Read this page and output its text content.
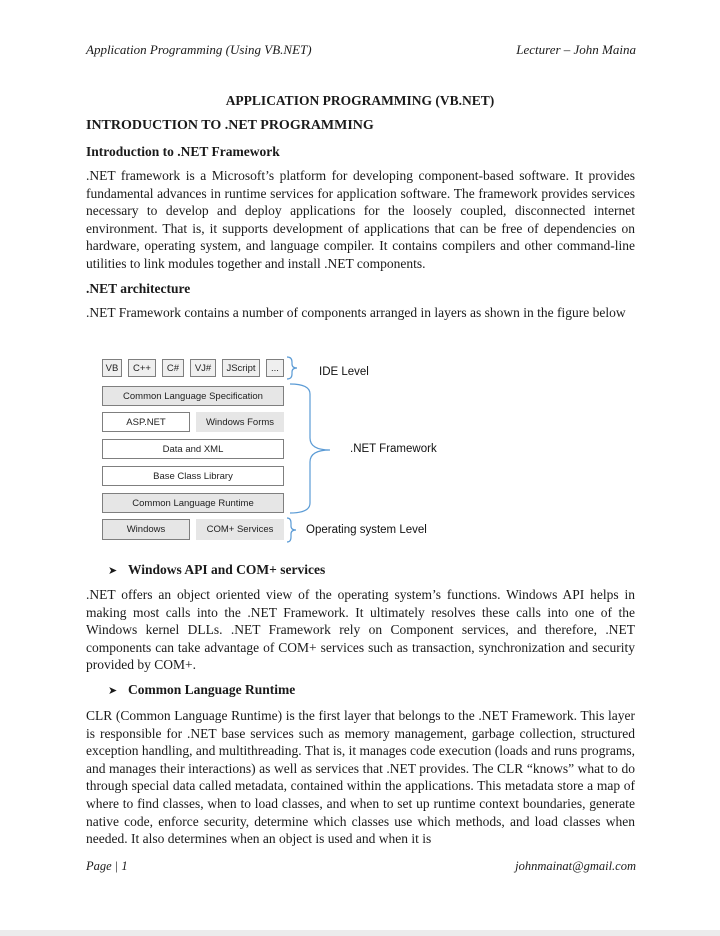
Application Programming (Using VB.NET)	Lecturer – John Maina
APPLICATION PROGRAMMING (VB.NET)
INTRODUCTION TO .NET PROGRAMMING
Introduction to .NET Framework

.NET framework is a Microsoft’s platform for developing component-based software. It provides fundamental advances in runtime services for application software. The framework provides services necessary to develop and deploy applications for the loosely coupled, disconnected internet environment. That is, it supports development of applications that can be free of dependencies on hardware, operating system, and language compiler. It contains compilers and other command-line utilities to link modules together and install .NET components.

.NET architecture

.NET Framework contains a number of components arranged in layers as shown in the figure below

VB	C++	C#	VJ#	JScript	...
Common Language Specification
ASP.NET	Windows Forms
Data and XML
Base Class Library
Common Language Runtime
Windows	COM+ Services
IDE Level
.NET Framework
Operating system Level
➤ Windows API and COM+ services

.NET offers an object oriented view of the operating system’s functions. Windows API helps in making most calls into the .NET Framework. It ultimately resolves these calls into one of the Windows kernel DLLs. .NET Framework rely on Component services, and therefore, .NET components can take advantage of COM+ services such as transaction, synchronization and security provided by COM+.

➤ Common Language Runtime

CLR (Common Language Runtime) is the first layer that belongs to the .NET Framework. This layer is responsible for .NET base services such as memory management, garbage collection, structured exception handling, and multithreading. That is, it manages code execution (loads and runs programs, and manages their interactions) as well as services that .NET provides. The CLR “knows” what to do through special data called metadata, contained within the applications. This metadata store a map of where to find classes, when to load classes, and when to set up runtime context boundaries, generate native code, enforce security, determine which classes use which methods, and load classes when needed. It also determines when an object is used and when it is

Page | 1	johnmainat@gmail.com
